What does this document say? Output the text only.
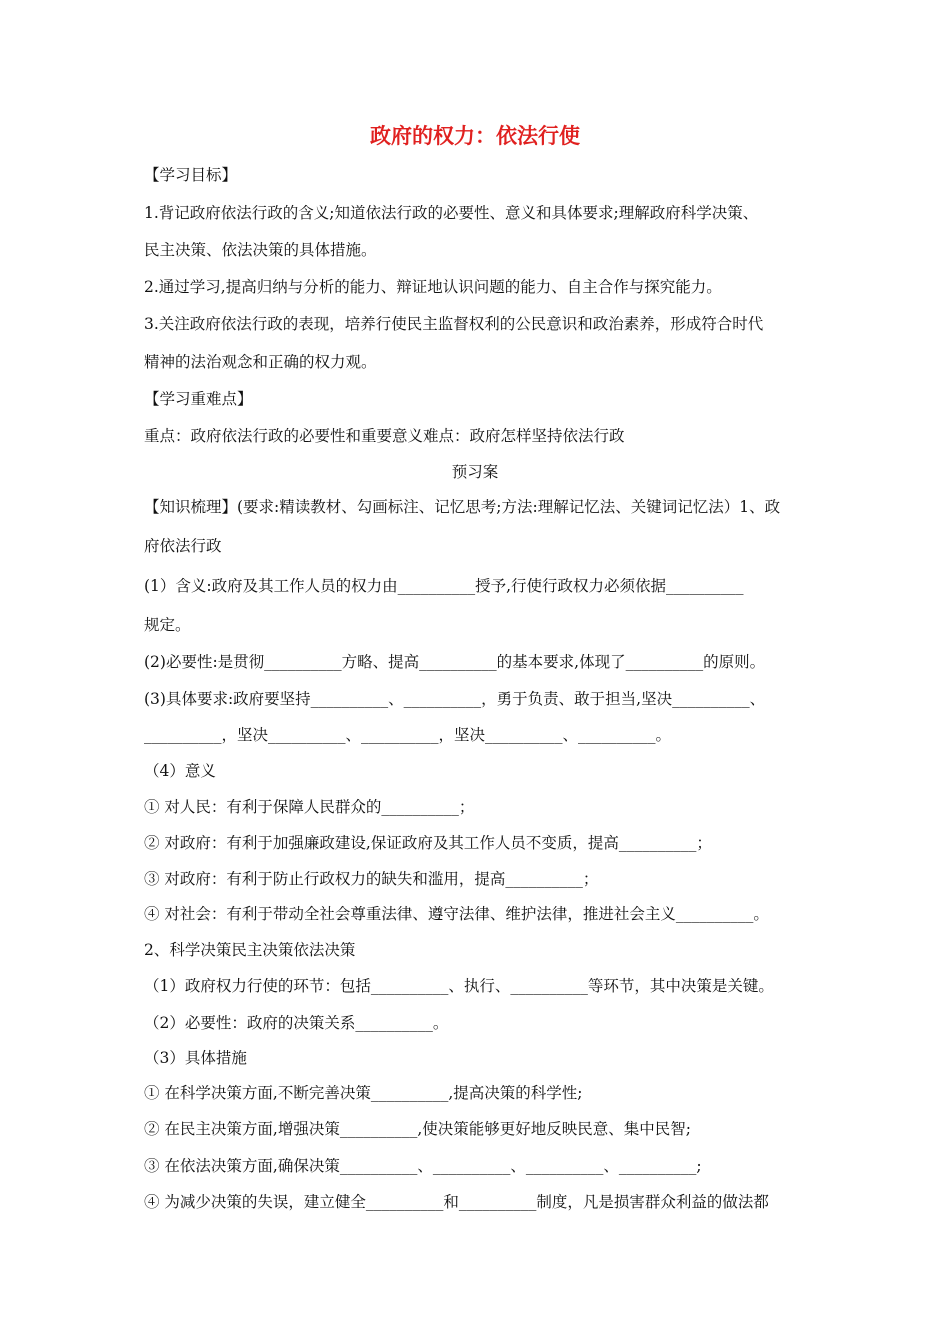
政府的权力：依法行使
【学习目标】
1.背记政府依法行政的含义;知道依法行政的必要性、意义和具体要求;理解政府科学决策、
民主决策、依法决策的具体措施。
2.通过学习,提高归纳与分析的能力、辩证地认识问题的能力、自主合作与探究能力。
3.关注政府依法行政的表现，培养行使民主监督权利的公民意识和政治素养，形成符合时代
精神的法治观念和正确的权力观。
【学习重难点】
重点：政府依法行政的必要性和重要意义难点：政府怎样坚持依法行政
预习案
【知识梳理】(要求:精读教材、勾画标注、记忆思考;方法:理解记忆法、关键词记忆法）1、政
府依法行政
(1）含义:政府及其工作人员的权力由__________授予,行使行政权力必须依据__________
规定。
(2)必要性:是贯彻__________方略、提高__________的基本要求,体现了__________的原则。
(3)具体要求:政府要坚持__________、__________，勇于负责、敢于担当,坚决__________、
__________，坚决__________、__________，坚决__________、__________。
（4）意义
① 对人民：有利于保障人民群众的__________；
② 对政府：有利于加强廉政建设,保证政府及其工作人员不变质，提高__________；
③ 对政府：有利于防止行政权力的缺失和滥用，提高__________；
④ 对社会：有利于带动全社会尊重法律、遵守法律、维护法律，推进社会主义__________。
2、科学决策民主决策依法决策
（1）政府权力行使的环节：包括__________、执行、__________等环节，其中决策是关键。
（2）必要性：政府的决策关系__________。
（3）具体措施
① 在科学决策方面,不断完善决策__________,提高决策的科学性;
② 在民主决策方面,增强决策__________,使决策能够更好地反映民意、集中民智;
③ 在依法决策方面,确保决策__________、__________、__________、__________;
④ 为减少决策的失误，建立健全__________和__________制度，凡是损害群众利益的做法都
